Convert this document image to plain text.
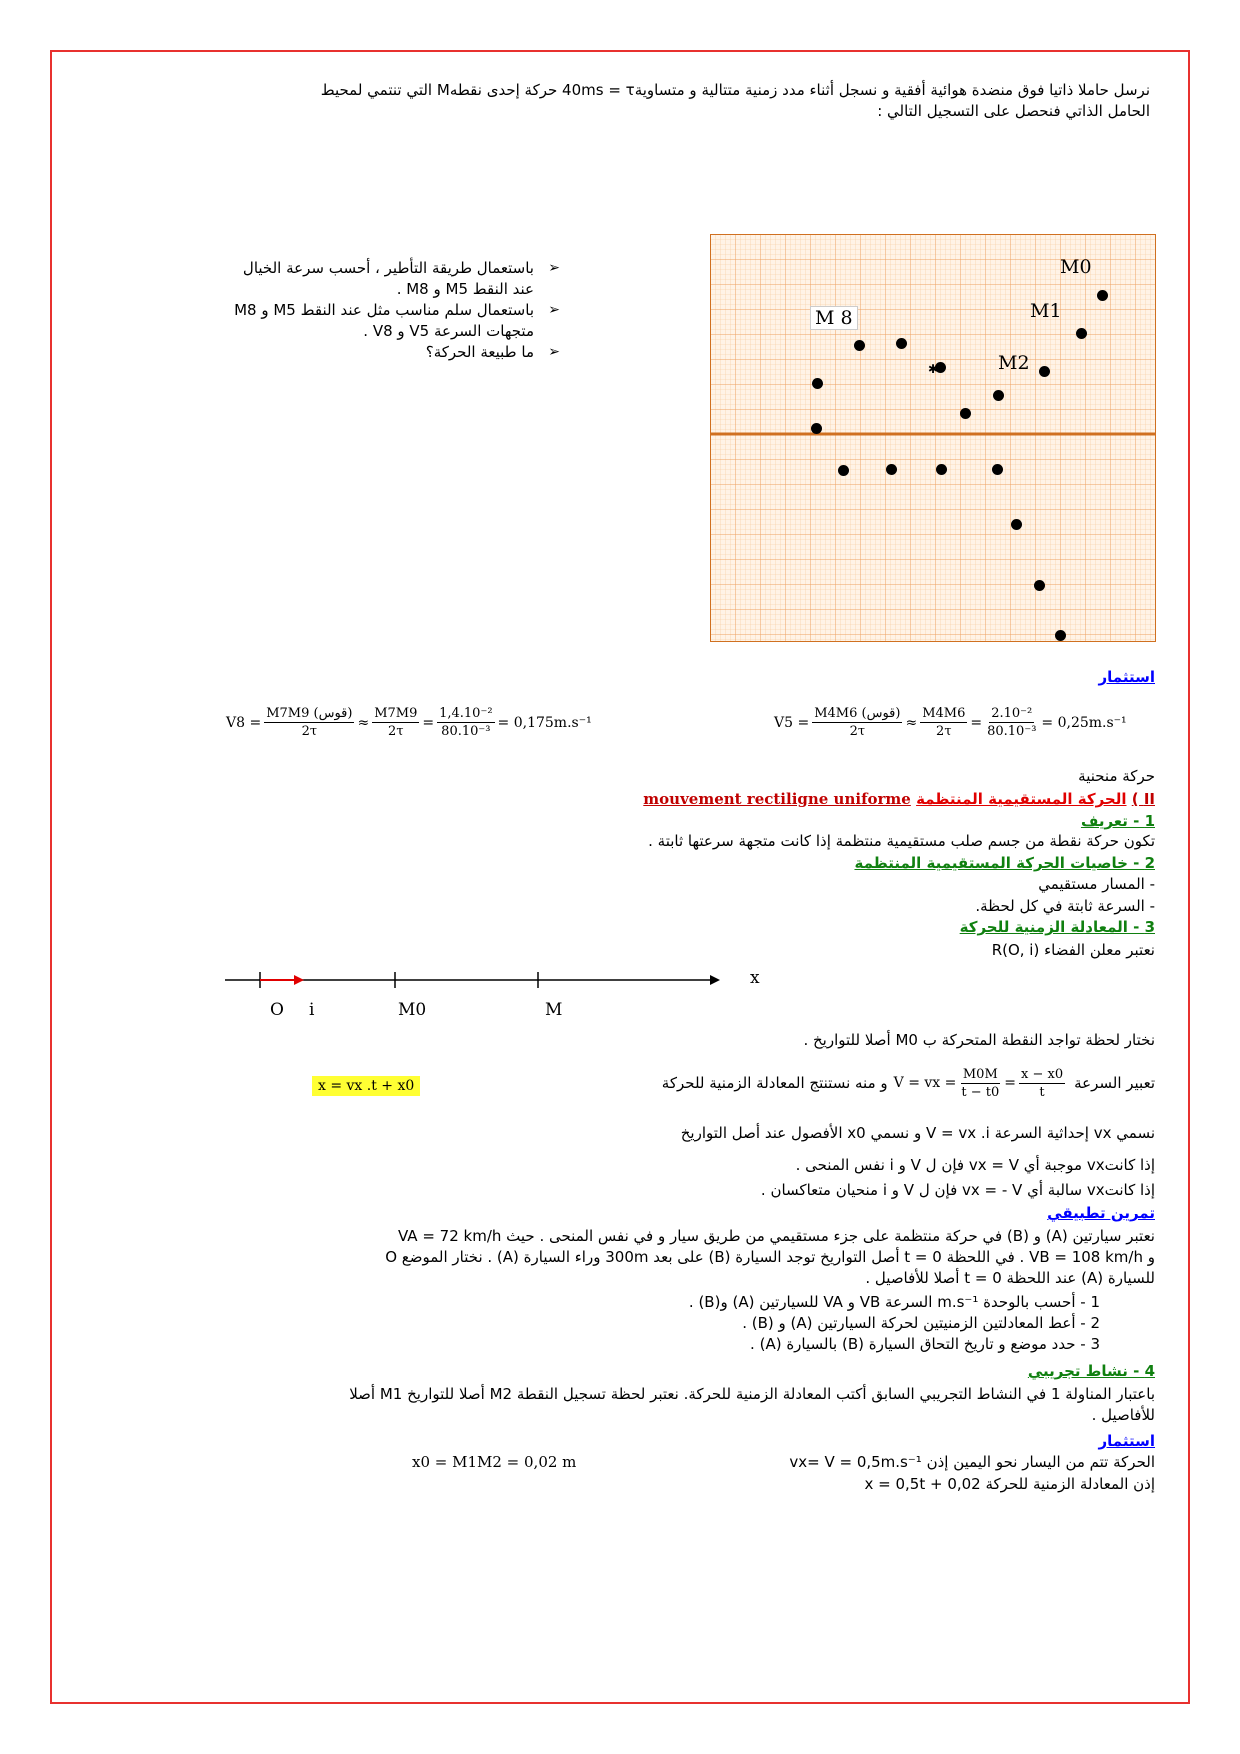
نرسل حاملا ذاتيا فوق منضدة هوائية أفقية و نسجل أثناء مدد زمنية متتالية و متساوية40ms = τ حركة إحدى نقطهM التي تنتمي لمحيط
الحامل الذاتي فنحصل على التسجيل التالي :
➢ باستعمال طريقة التأطير ، أحسب سرعة الخيال
عند النقط M5 و M8 .
➢ باستعمال سلم مناسب مثل عند النقط M5 و M8
متجهات السرعة V5 و V8 .
➢ ما طبيعة الحركة؟
✱
M0
M1
M2
M 8
استثمار
$V5 = \frac{\text{M4M6 (قوس)}}{2\tau} \approx \frac{M4M6}{2\tau} = \frac{\text{2.10⁻²}}{\text{80.10⁻³}} = 0,25m.s^{-1}$
$V8 = \frac{\text{M7M9 (قوس)}}{2\tau} \approx \frac{M7M9}{2\tau} = \frac{\text{1,4.10⁻²}}{\text{80.10⁻³}} = 0,175m.s^{-1}$
حركة منحنية
II ) الحركة المستقيمية المنتظمة mouvement rectiligne uniforme
1 - تعريف
تكون حركة نقطة من جسم صلب مستقيمية منتظمة إذا كانت متجهة سرعتها ثابتة .
2 - خاصيات الحركة المستقيمية المنتظمة
- المسار مستقيمي
- السرعة ثابتة في كل لحظة.
3 - المعادلة الزمنية للحركة
نعتبر معلن الفضاء R(O, i)
x
O i	M0	M
نختار لحظة تواجد النقطة المتحركة ب M0 أصلا للتواريخ .
تعبير السرعة
V = vx = $\frac{M0M}{t - t0} = \frac{x - x0}{t}$
و منه نستنتج المعادلة الزمنية للحركة
x = vx .t + x0
نسمي vx إحداثية السرعة V = vx .i و نسمي x0 الأفصول عند أصل التواريخ
إذا كانتvx موجبة أي vx = V فإن ل V و i نفس المنحى .
إذا كانتvx سالبة أي vx = - V فإن ل V و i منحيان متعاكسان .
تمرين تطبيقي
نعتبر سيارتين (A) و (B) في حركة منتظمة على جزء مستقيمي من طريق سيار و في نفس المنحى . حيث VA = 72 km/h
و VB = 108 km/h . في اللحظة t = 0 أصل التواريخ توجد السيارة (B) على بعد 300m وراء السيارة (A) . نختار الموضع O
للسيارة (A) عند اللحظة t = 0 أصلا للأفاصيل .
1 - أحسب بالوحدة m.s⁻¹ السرعة VB و VA للسيارتين (A) و(B) .
2 - أعط المعادلتين الزمنيتين لحركة السيارتين (A) و (B) .
3 - حدد موضع و تاريخ التحاق السيارة (B) بالسيارة (A) .
4 - نشاط تجريبي
باعتبار المناولة 1 في النشاط التجريبي السابق أكتب المعادلة الزمنية للحركة. نعتبر لحظة تسجيل النقطة M2 أصلا للتواريخ M1 أصلا
للأفاصيل .
استثمار
الحركة تتم من اليسار نحو اليمين إذن vx= V = 0,5m.s⁻¹
x0 = M1M2 = 0,02 m
إذن المعادلة الزمنية للحركة x = 0,5t + 0,02
